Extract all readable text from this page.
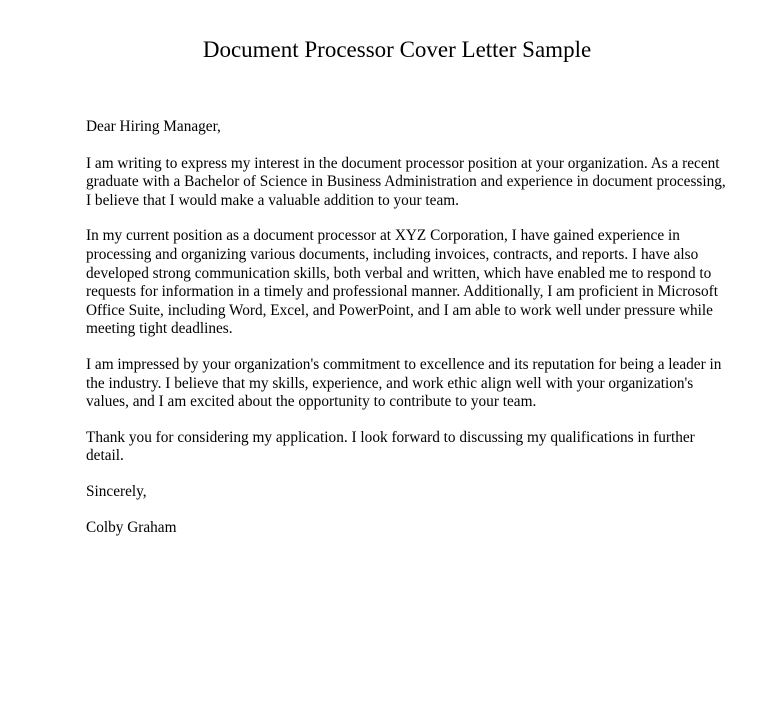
Document Processor Cover Letter Sample

Dear Hiring Manager,

I am writing to express my interest in the document processor position at your organization. As a recent graduate with a Bachelor of Science in Business Administration and experience in document processing, I believe that I would make a valuable addition to your team.

In my current position as a document processor at XYZ Corporation, I have gained experience in processing and organizing various documents, including invoices, contracts, and reports. I have also developed strong communication skills, both verbal and written, which have enabled me to respond to requests for information in a timely and professional manner. Additionally, I am proficient in Microsoft Office Suite, including Word, Excel, and PowerPoint, and I am able to work well under pressure while meeting tight deadlines.

I am impressed by your organization's commitment to excellence and its reputation for being a leader in the industry. I believe that my skills, experience, and work ethic align well with your organization's values, and I am excited about the opportunity to contribute to your team.

Thank you for considering my application. I look forward to discussing my qualifications in further detail.

Sincerely,

Colby Graham
